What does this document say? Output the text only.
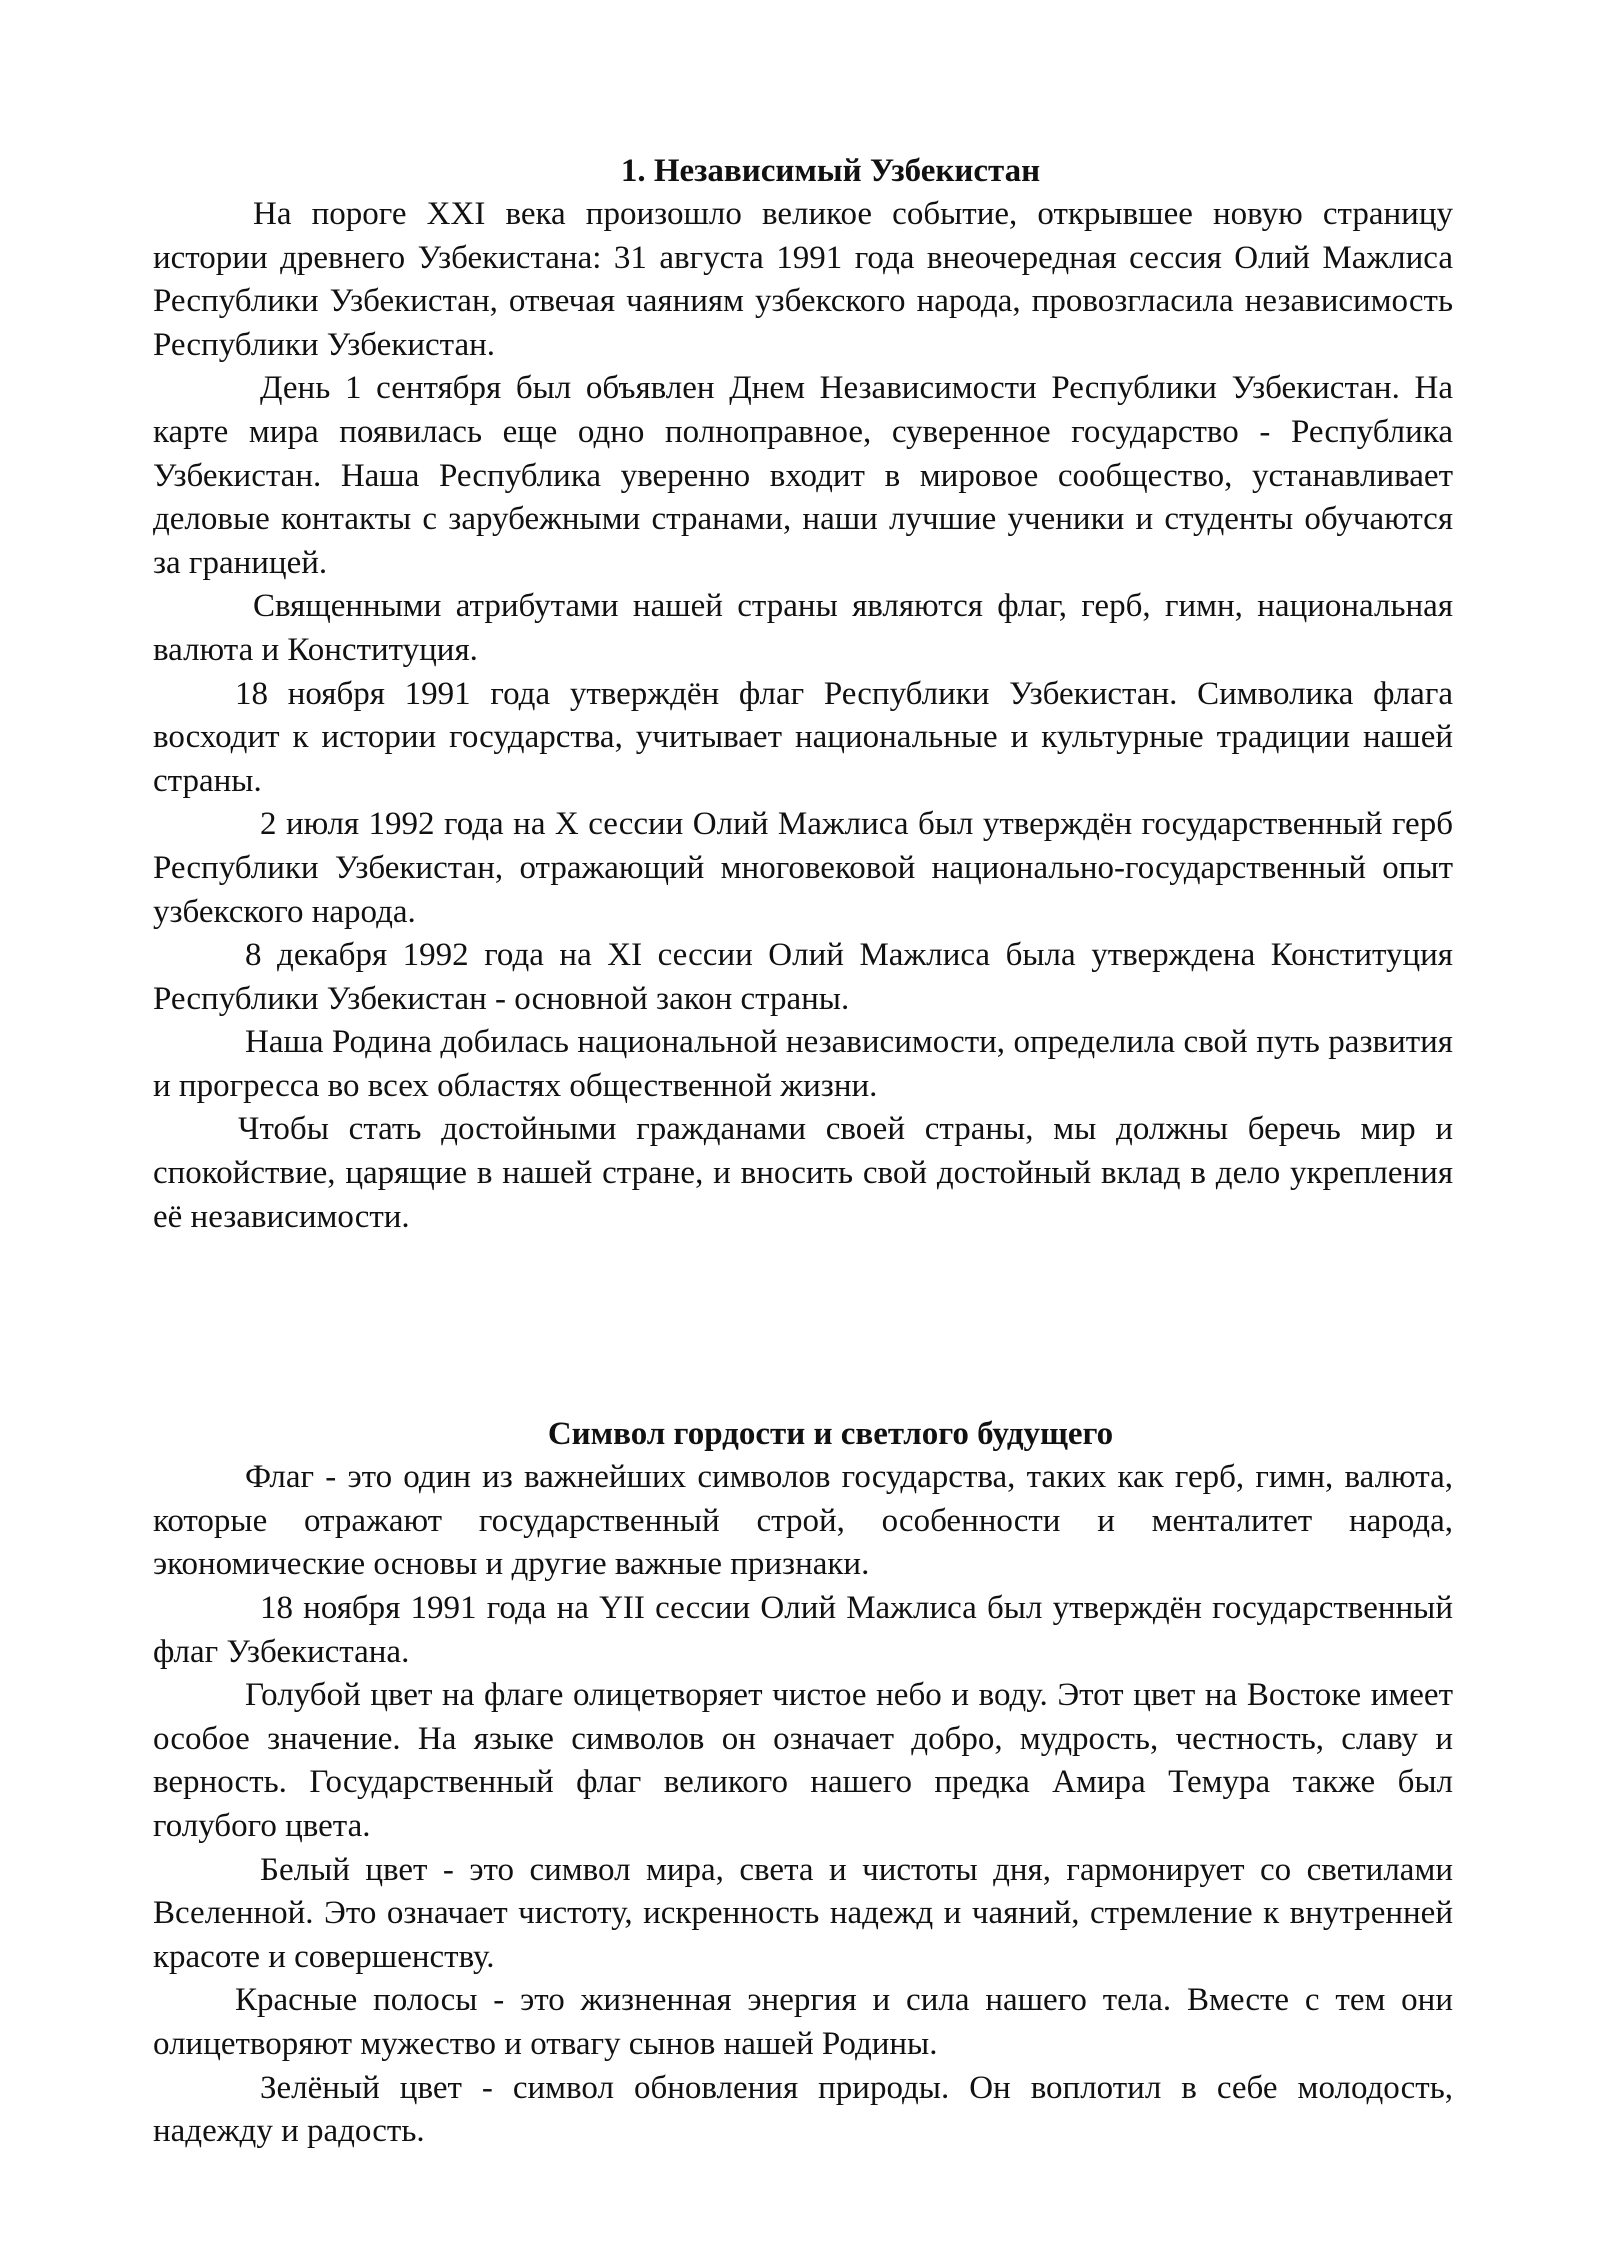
1. Независимый Узбекистан

На пороге XXI века произошло великое событие, открывшее новую страницу истории древнего Узбекистана: 31 августа 1991 года внеочередная сессия Олий Мажлиса Республики Узбекистан, отвечая чаяниям узбекского народа, провозгласила независимость Республики Узбекистан.

День 1 сентября был объявлен Днем Независимости Республики Узбекистан. На карте мира появилась еще одно полноправное, суверенное государство - Республика Узбекистан. Наша Республика уверенно входит в мировое сообщество, устанавливает деловые контакты с зарубежными странами, наши лучшие ученики и студенты обучаются за границей.

Священными атрибутами нашей страны являются флаг, герб, гимн, национальная валюта и Конституция.

18 ноября 1991 года утверждён флаг Республики Узбекистан. Символика флага восходит к истории государства, учитывает национальные и культурные традиции нашей страны.

2 июля 1992 года на X сессии Олий Мажлиса был утверждён государственный герб Республики Узбекистан, отражающий многовековой национально-государственный опыт узбекского народа.

8 декабря 1992 года на XI сессии Олий Мажлиса была утверждена Конституция Республики Узбекистан - основной закон страны.

Наша Родина добилась национальной независимости, определила свой путь развития и прогресса во всех областях общественной жизни.

Чтобы стать достойными гражданами своей страны, мы должны беречь мир и спокойствие, царящие в нашей стране, и вносить свой достойный вклад в дело укрепления её независимости.

Символ гордости и светлого будущего

Флаг - это один из важнейших символов государства, таких как герб, гимн, валюта, которые отражают государственный строй, особенности и менталитет народа, экономические основы и другие важные признаки.

18 ноября 1991 года на YII сессии Олий Мажлиса был утверждён государственный флаг Узбекистана.

Голубой цвет на флаге олицетворяет чистое небо и воду. Этот цвет на Востоке имеет особое значение. На языке символов он означает добро, мудрость, честность, славу и верность. Государственный флаг великого нашего предка Амира Темура также был голубого цвета.

Белый цвет - это символ мира, света и чистоты дня, гармонирует со светилами Вселенной. Это означает чистоту, искренность надежд и чаяний, стремление к внутренней красоте и совершенству.

Красные полосы - это жизненная энергия и сила нашего тела. Вместе с тем они олицетворяют мужество и отвагу сынов нашей Родины.

Зелёный цвет - символ обновления природы. Он воплотил в себе молодость, надежду и радость.
